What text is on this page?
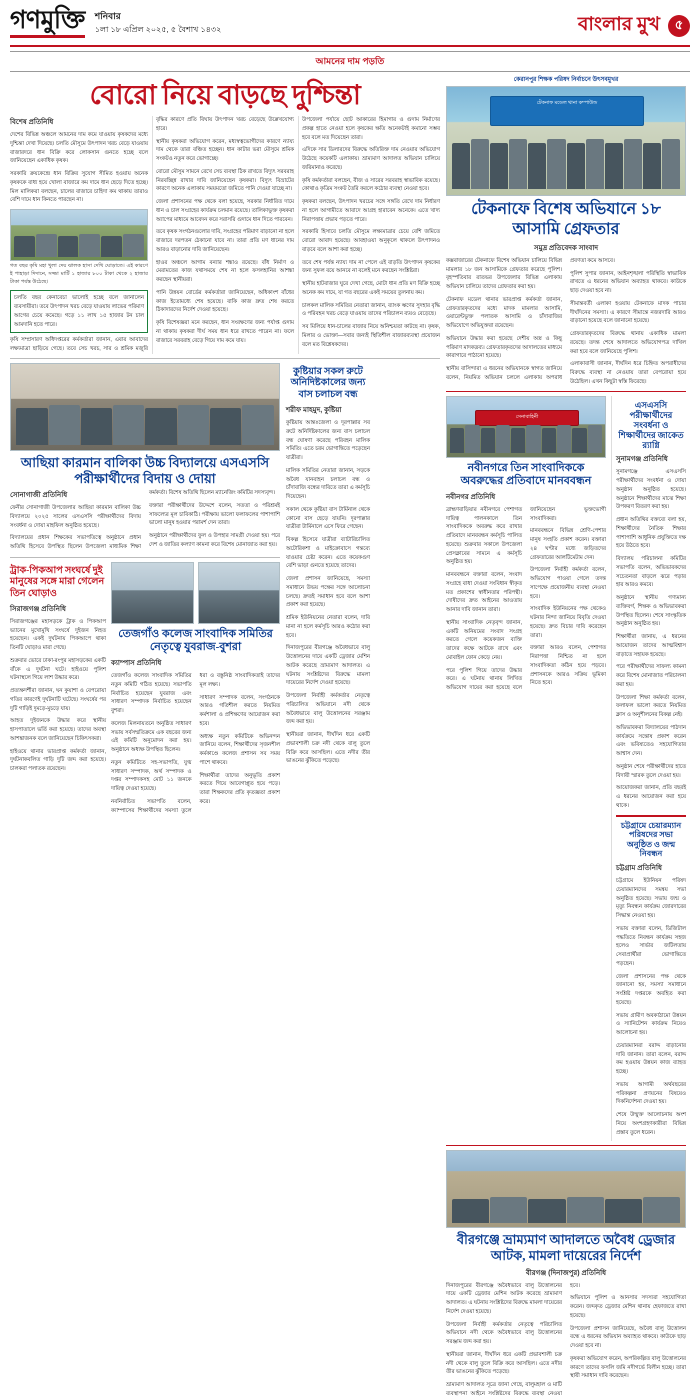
গণমুক্তি শনিবার
১লা ১৮ এপ্রিল ২০২৫, ৫ বৈশাখ ১৪৩২	বাংলার মুখ	৫
আমনের দাম পড়তি
বোরো নিয়ে বাড়ছে দুশ্চিন্তা
বিশেষ প্রতিনিধি

দেশের বিভিন্ন অঞ্চলে আমনের দাম কমে যাওয়ায় কৃষকদের মধ্যে দুশ্চিন্তা দেখা দিয়েছে। চলতি মৌসুমে উৎপাদন খরচ বেড়ে যাওয়ায় বাজারদরে ধান বিক্রি করে লোকসান গুনতে হচ্ছে বলে জানিয়েছেন একাধিক কৃষক।

সরকারি ক্রয়কেন্দ্রে ধান বিক্রির সুযোগ সীমিত হওয়ায় অনেক কৃষককে বাধ্য হয়ে খোলা বাজারে কম দামে ধান ছেড়ে দিতে হচ্ছে। মিল মালিকরা বলছেন, চালের বাজারে চাহিদা কম থাকায় তারাও বেশি দামে ধান কিনতে পারছেন না।

গত বছর কৃষি মহা খুলা দেয় ঝালক হাসা দেখি ঘোড়াতে। এই কারণে ই পাহাড়া দিদানে, সজ্জা মার্টি ১ হাজার ৮০০ টাকা থেকে ২ হাজার টাকা পর্যন্ত উঠেছে।

চলতি বছর কেনাবেচা ভালোই হচ্ছে বলে জানালেন ব্যবসায়ীরা। তবে উৎপাদন খরচ বেড়ে যাওয়ায় লাভের পরিমাণ আগের চেয়ে কমেছে। গড়ে ১১ লাখ ১৫ হাজার টন চাল আমদানি হতে পারে।

কৃষি সম্প্রসারণ অধিদপ্তরের কর্মকর্তারা জানান, এবার আবাদের লক্ষ্যমাত্রা ছাড়িয়ে গেছে। তবে সেচ খরচ, সার ও শ্রমিক মজুরি বৃদ্ধির কারণে প্রতি বিঘায় উৎপাদন খরচ বেড়েছে উল্লেখযোগ্য হারে।

স্থানীয় কৃষকরা অভিযোগ করেন, মধ্যস্বত্বভোগীদের কারণে ন্যায্য দাম থেকে তারা বঞ্চিত হচ্ছেন। ধান কাটার ভরা মৌসুমে শ্রমিক সংকটও নতুন করে ভোগাচ্ছে।

বোরো মৌসুম সামনে রেখে সেচ ব্যবস্থা ঠিক রাখতে বিদ্যুৎ সরবরাহ নিরবচ্ছিন্ন রাখার দাবি জানিয়েছেন কৃষকরা। বিদ্যুৎ বিভ্রাটের কারণে অনেক এলাকায় সময়মতো জমিতে পানি দেওয়া যাচ্ছে না।

জেলা প্রশাসনের পক্ষ থেকে বলা হয়েছে, সরকার নির্ধারিত দামে ধান ও চাল সংগ্রহের কার্যক্রম চলমান রয়েছে। তালিকাভুক্ত কৃষকরা অ্যাপের মাধ্যমে আবেদন করে সরাসরি গুদামে ধান দিতে পারবেন।

তবে কৃষক সংগঠনগুলোর দাবি, সংগ্রহের পরিমাণ বাড়ানো না হলে বাজারে দরপতন ঠেকানো যাবে না। তারা প্রতি মণ ধানের দাম আরও বাড়ানোর দাবি জানিয়েছেন।

হাওর অঞ্চলে আগাম বন্যার শঙ্কাও রয়েছে। বাঁধ নির্মাণ ও মেরামতের কাজ যথাসময়ে শেষ না হলে ফসলহানির আশঙ্কা করছেন স্থানীয়রা।

পানি উন্নয়ন বোর্ডের কর্মকর্তারা জানিয়েছেন, অধিকাংশ বাঁধের কাজ ইতোমধ্যে শেষ হয়েছে। বাকি কাজ দ্রুত শেষ করতে ঠিকাদারদের নির্দেশ দেওয়া হয়েছে।

কৃষি বিশেষজ্ঞরা মনে করছেন, ধান সংরক্ষণের জন্য পর্যাপ্ত গুদাম না থাকায় কৃষকরা দীর্ঘ সময় ধান ধরে রাখতে পারেন না। ফলে বাজারে সরবরাহ বেড়ে গিয়ে দাম কমে যায়।

উপজেলা পর্যায়ে ছোট আকারের হিমাগার ও গুদাম নির্মাণের প্রকল্প হাতে নেওয়া হলে কৃষকের ক্ষতি অনেকটাই কমানো সম্ভব হবে বলে মত দিয়েছেন তারা।

এদিকে সার ডিলারদের বিরুদ্ধে অতিরিক্ত দাম নেওয়ার অভিযোগ উঠেছে কয়েকটি এলাকায়। ভ্রাম্যমাণ আদালত অভিযান চালিয়ে জরিমানাও করেছে।

কৃষি কর্মকর্তারা বলছেন, বীজ ও সারের সরবরাহ স্বাভাবিক রয়েছে। কোথাও কৃত্রিম সংকট তৈরি করলে কঠোর ব্যবস্থা নেওয়া হবে।

কৃষকরা বলছেন, উৎপাদন খরচের সঙ্গে সঙ্গতি রেখে দাম নির্ধারণ না হলে আগামীতে আবাদে আগ্রহ হারাবেন অনেকে। এতে খাদ্য নিরাপত্তায় প্রভাব পড়তে পারে।

সরকারি হিসাবে চলতি মৌসুমে লক্ষ্যমাত্রার চেয়ে বেশি জমিতে বোরো আবাদ হয়েছে। আবহাওয়া অনুকূলে থাকলে উৎপাদনও বাড়বে বলে আশা করা হচ্ছে।

তবে শেষ পর্যন্ত ন্যায্য দাম না পেলে এই বাড়তি উৎপাদন কৃষকের জন্য সুফল বয়ে আনবে না বলেই মনে করছেন সংশ্লিষ্টরা।

স্থানীয় হাটবাজার ঘুরে দেখা গেছে, মোটা ধান প্রতি মণ বিক্রি হচ্ছে অনেক কম দামে, যা গত বছরের একই সময়ের তুলনায় কম।

চালকল মালিক সমিতির নেতারা জানান, ব্যাংক ঋণের সুদহার বৃদ্ধি ও পরিবহন খরচ বেড়ে যাওয়ায় তাদের পরিচালন ব্যয়ও বেড়েছে।

সব মিলিয়ে ধান-চালের বাজার নিয়ে অনিশ্চয়তা কাটছে না। কৃষক, মিলার ও ভোক্তা—সবার জন্যই স্থিতিশীল বাজারব্যবস্থা প্রয়োজন বলে মত বিশ্লেষকদের।

আছিয়া কারমান বালিকা উচ্চ বিদ্যালয়ে এসএসসি পরীক্ষার্থীদের বিদায় ও দোয়া
সোনাগাজী প্রতিনিধি

ফেনীর সোনাগাজী উপজেলার আছিয়া কারমান বালিকা উচ্চ বিদ্যালয়ে ২০২৫ সালের এসএসসি পরীক্ষার্থীদের বিদায় সংবর্ধনা ও দোয়া মাহফিল অনুষ্ঠিত হয়েছে।

বিদ্যালয়ের প্রধান শিক্ষকের সভাপতিত্বে অনুষ্ঠানে প্রধান অতিথি হিসেবে উপস্থিত ছিলেন উপজেলা মাধ্যমিক শিক্ষা কর্মকর্তা। বিশেষ অতিথি ছিলেন ম্যানেজিং কমিটির সদস্যবৃন্দ।

বক্তারা পরীক্ষার্থীদের উদ্দেশে বলেন, সততা ও পরিশ্রমই সাফল্যের মূল চাবিকাঠি। পরীক্ষায় ভালো ফলাফলের পাশাপাশি ভালো মানুষ হওয়ার পরামর্শ দেন তারা।

অনুষ্ঠানে পরীক্ষার্থীদের ফুল ও উপহার সামগ্রী দেওয়া হয়। পরে দেশ ও জাতির কল্যাণ কামনা করে বিশেষ মোনাজাত করা হয়।

ট্রাক-পিকআপ সংঘর্ষে দুই মানুষের সঙ্গে মারা গেলেন তিন ঘোড়াও
সিরাজগঞ্জ প্রতিনিধি

সিরাজগঞ্জের মহাসড়কে ট্রাক ও পিকআপ ভ্যানের মুখোমুখি সংঘর্ষে দুইজন নিহত হয়েছেন। একই দুর্ঘটনায় পিকআপে থাকা তিনটি ঘোড়াও মারা গেছে।

শুক্রবার ভোরে ঢাকা-রংপুর মহাসড়কের একটি বাঁকে এ দুর্ঘটনা ঘটে। হাইওয়ে পুলিশ ঘটনাস্থলে গিয়ে লাশ উদ্ধার করে।

প্রত্যক্ষদর্শীরা জানান, ঘন কুয়াশা ও বেপরোয়া গতির কারণেই দুর্ঘটনাটি ঘটেছে। সংঘর্ষের পর দুটি গাড়িই দুমড়ে-মুচড়ে যায়।

আহত দুইজনকে উদ্ধার করে স্থানীয় হাসপাতালে ভর্তি করা হয়েছে। তাদের অবস্থা আশঙ্কাজনক বলে জানিয়েছেন চিকিৎসকরা।

হাইওয়ে থানার ভারপ্রাপ্ত কর্মকর্তা জানান, দুর্ঘটনাকবলিত গাড়ি দুটি জব্দ করা হয়েছে। চালকরা পলাতক রয়েছেন।

তেজগাঁও কলেজ সাংবাদিক সমিতির নেতৃত্বে যুবরাজ-বুশরা
ক্যাম্পাস প্রতিনিধি

তেজগাঁও কলেজ সাংবাদিক সমিতির নতুন কমিটি গঠিত হয়েছে। সভাপতি নির্বাচিত হয়েছেন যুবরাজ এবং সাধারণ সম্পাদক নির্বাচিত হয়েছেন বুশরা।

কলেজ মিলনায়তনে অনুষ্ঠিত সাধারণ সভায় সর্বসম্মতিক্রমে এক বছরের জন্য এই কমিটি অনুমোদন করা হয়। অনুষ্ঠানে অধ্যক্ষ উপস্থিত ছিলেন।

নতুন কমিটিতে সহ-সভাপতি, যুগ্ম সাধারণ সম্পাদক, অর্থ সম্পাদক ও দপ্তর সম্পাদকসহ মোট ১১ জনকে দায়িত্ব দেওয়া হয়েছে।

নবনির্বাচিত সভাপতি বলেন, ক্যাম্পাসের শিক্ষার্থীদের সমস্যা তুলে ধরা ও বস্তুনিষ্ঠ সাংবাদিকতাই তাদের মূল লক্ষ্য।

সাধারণ সম্পাদক বলেন, সংগঠনকে আরও গতিশীল করতে নিয়মিত কর্মশালা ও প্রশিক্ষণের আয়োজন করা হবে।

অধ্যক্ষ নতুন কমিটিকে অভিনন্দন জানিয়ে বলেন, শিক্ষার্থীদের সৃজনশীল কর্মকাণ্ডে কলেজ প্রশাসন সব সময় পাশে থাকবে।

শিক্ষার্থীরা তাদের অনুভূতি প্রকাশ করতে গিয়ে আবেগাপ্লুত হয়ে পড়ে। তারা শিক্ষকদের প্রতি কৃতজ্ঞতা প্রকাশ করে।

কুষ্টিয়ার সকল রুটে অনিদিষ্টকালের জন্য বাস চলাচল বন্ধ
শরীফ মাহমুদ, কুষ্টিয়া

কুষ্টিয়ায় আন্তঃজেলা ও দূরপাল্লার সব রুটে অনির্দিষ্টকালের জন্য বাস চলাচল বন্ধ ঘোষণা করেছে পরিবহন মালিক সমিতি। এতে চরম ভোগান্তিতে পড়েছেন যাত্রীরা।

মালিক সমিতির নেতারা জানান, সড়কে অবৈধ যানবাহন চলাচল বন্ধ ও চাঁদাবাজি বন্ধের দাবিতে তারা এ কর্মসূচি দিয়েছেন।

সকাল থেকে কুষ্টিয়া বাস টার্মিনাল থেকে কোনো বাস ছেড়ে যায়নি। দূরপাল্লার যাত্রীরা টার্মিনালে এসে ফিরে গেছেন।

বিকল্প হিসেবে যাত্রীরা ব্যাটারিচালিত অটোরিকশা ও মাইক্রোবাসে গন্তব্যে যাওয়ার চেষ্টা করেন। এতে কয়েকগুণ বেশি ভাড়া গুনতে হয়েছে তাদের।

জেলা প্রশাসন জানিয়েছে, সমস্যা সমাধানে উভয় পক্ষের সঙ্গে আলোচনা চলছে। দ্রুতই সমাধান হবে বলে আশা প্রকাশ করা হয়েছে।

শ্রমিক ইউনিয়নের নেতারা বলেন, দাবি মানা না হলে কর্মসূচি আরও কঠোর করা হবে।

দিনাজপুরের বীরগঞ্জে অবৈধভাবে বালু উত্তোলনের দায়ে একটি ড্রেজার মেশিন আটক করেছে ভ্রাম্যমাণ আদালত। এ ঘটনায় সংশ্লিষ্টদের বিরুদ্ধে মামলা দায়েরের নির্দেশ দেওয়া হয়েছে।

উপজেলা নির্বাহী কর্মকর্তার নেতৃত্বে পরিচালিত অভিযানে নদী থেকে অবৈধভাবে বালু উত্তোলনের সরঞ্জাম জব্দ করা হয়।

স্থানীয়রা জানান, দীর্ঘদিন ধরে একটি প্রভাবশালী চক্র নদী থেকে বালু তুলে বিক্রি করে আসছিল। এতে নদীর তীর ভাঙনের ঝুঁকিতে পড়েছে।

কেরানপুর শিক্ষক পরিষদ নির্বাচনে উৎসবমুখর
টেকনাফ মডেল থানা কম্পাউন্ড
টেকনাফে বিশেষ অভিযানে ১৮ আসামি গ্রেফতার
সমুদ্র প্রতিবেদক সাংবাদ

কক্সবাজারের টেকনাফে বিশেষ অভিযান চালিয়ে বিভিন্ন মামলার ১৮ জন আসামিকে গ্রেফতার করেছে পুলিশ। বৃহস্পতিবার রাতভর উপজেলার বিভিন্ন এলাকায় অভিযান চালিয়ে তাদের গ্রেফতার করা হয়।

টেকনাফ মডেল থানার ভারপ্রাপ্ত কর্মকর্তা জানান, গ্রেফতারকৃতদের মধ্যে মাদক মামলার আসামি, ওয়ারেন্টভুক্ত পলাতক আসামি ও চাঁদাবাজির অভিযোগে অভিযুক্তরা রয়েছেন।

অভিযানে উদ্ধার করা হয়েছে দেশীয় অস্ত্র ও কিছু পরিমাণ মাদকদ্রব্য। গ্রেফতারকৃতদের আদালতের মাধ্যমে কারাগারে পাঠানো হয়েছে।

স্থানীয় বাসিন্দারা এ ধরনের অভিযানকে স্বাগত জানিয়ে বলেন, নিয়মিত অভিযান চললে এলাকায় অপরাধ প্রবণতা কমে আসবে।

পুলিশ সুপার জানান, আইনশৃঙ্খলা পরিস্থিতি স্বাভাবিক রাখতে এ ধরনের অভিযান অব্যাহত থাকবে। কাউকে ছাড় দেওয়া হবে না।

সীমান্তবর্তী এলাকা হওয়ায় টেকনাফে মাদক পাচার দীর্ঘদিনের সমস্যা। এ কারণে সীমান্তে নজরদারি আরও বাড়ানো হয়েছে বলে জানানো হয়েছে।

গ্রেফতারকৃতদের বিরুদ্ধে থানায় একাধিক মামলা রয়েছে। তদন্ত শেষে আদালতে অভিযোগপত্র দাখিল করা হবে বলে জানিয়েছে পুলিশ।

এলাকাবাসী জানান, দীর্ঘদিন ধরে চিহ্নিত অপরাধীদের বিরুদ্ধে ব্যবস্থা না নেওয়ায় তারা বেপরোয়া হয়ে উঠেছিল। এখন কিছুটা স্বস্তি ফিরেছে।

সেনাবাহিনী
নবীনগরে তিন সাংবাদিককে অবরুদ্ধের প্রতিবাদে মানববন্ধন
নবীনগর প্রতিনিধি

ব্রাহ্মণবাড়িয়ার নবীনগরে পেশাগত দায়িত্ব পালনকালে তিন সাংবাদিককে অবরুদ্ধ করে রাখার প্রতিবাদে মানববন্ধন কর্মসূচি পালিত হয়েছে। শুক্রবার সকালে উপজেলা প্রেসক্লাবের সামনে এ কর্মসূচি অনুষ্ঠিত হয়।

মানববন্ধনে বক্তারা বলেন, সংবাদ সংগ্রহে বাধা দেওয়া সংবিধান স্বীকৃত মত প্রকাশের স্বাধীনতার পরিপন্থী। দোষীদের দ্রুত আইনের আওতায় আনার দাবি জানান তারা।

স্থানীয় সাংবাদিক নেতৃবৃন্দ জানান, একটি অনিয়মের সংবাদ সংগ্রহ করতে গেলে কয়েকজন ব্যক্তি তাদের কক্ষে আটকে রাখে এবং মোবাইল ফোন কেড়ে নেয়।

পরে পুলিশ গিয়ে তাদের উদ্ধার করে। এ ঘটনায় থানায় লিখিত অভিযোগ দায়ের করা হয়েছে বলে জানিয়েছেন ভুক্তভোগী সাংবাদিকরা।

মানববন্ধনে বিভিন্ন শ্রেণি-পেশার মানুষ সংহতি প্রকাশ করেন। বক্তারা ২৪ ঘণ্টার মধ্যে জড়িতদের গ্রেফতারের আলটিমেটাম দেন।

উপজেলা নির্বাহী কর্মকর্তা বলেন, অভিযোগ পাওয়া গেলে তদন্ত সাপেক্ষে প্রয়োজনীয় ব্যবস্থা নেওয়া হবে।

সাংবাদিক ইউনিয়নের পক্ষ থেকেও ঘটনার নিন্দা জানিয়ে বিবৃতি দেওয়া হয়েছে। দ্রুত বিচার দাবি করেছেন তারা।

বক্তারা আরও বলেন, পেশাগত নিরাপত্তা নিশ্চিত না হলে সাংবাদিকতা কঠিন হয়ে পড়বে। প্রশাসনকে আরও সক্রিয় ভূমিকা নিতে হবে।

এসএসসি পরীক্ষার্থীদের সংবর্ধনা ও শিক্ষার্থীদের জাকেত র‍্যাগ্নি
সুনামগঞ্জ প্রতিনিধি

সুনামগঞ্জে এসএসসি পরীক্ষার্থীদের সংবর্ধনা ও দোয়া অনুষ্ঠান অনুষ্ঠিত হয়েছে। অনুষ্ঠানে শিক্ষার্থীদের মাঝে শিক্ষা উপকরণ বিতরণ করা হয়।

প্রধান অতিথির বক্তব্যে বলা হয়, শিক্ষার্থীদের নৈতিক শিক্ষার পাশাপাশি আধুনিক প্রযুক্তিতে দক্ষ হয়ে উঠতে হবে।

বিদ্যালয় পরিচালনা কমিটির সভাপতি বলেন, অভিভাবকদের সচেতনতা বাড়লে ঝরে পড়ার হার আরও কমবে।

অনুষ্ঠানে স্থানীয় গণ্যমান্য ব্যক্তিবর্গ, শিক্ষক ও অভিভাবকরা উপস্থিত ছিলেন। শেষে সাংস্কৃতিক অনুষ্ঠান অনুষ্ঠিত হয়।

শিক্ষার্থীরা জানায়, এ ধরনের আয়োজন তাদের আত্মবিশ্বাস বাড়াতে সহায়ক হয়েছে।

পরে পরীক্ষার্থীদের সাফল্য কামনা করে বিশেষ মোনাজাত পরিচালনা করা হয়।

উপজেলা শিক্ষা কর্মকর্তা বলেন, ফলাফল ভালো করতে নিয়মিত ক্লাস ও অনুশীলনের বিকল্প নেই।

অভিভাবকরা বিদ্যালয়ের পাঠদান কার্যক্রমে সন্তোষ প্রকাশ করেন এবং ভবিষ্যতেও সহযোগিতার আশ্বাস দেন।

অনুষ্ঠান শেষে পরীক্ষার্থীদের হাতে বিদায়ী স্মারক তুলে দেওয়া হয়।

আয়োজকরা জানান, প্রতি বছরই এ ধরনের আয়োজন করা হয়ে থাকে।

চট্টগ্রামে চেয়ারম্যান পরিষদের সভা অনুষ্ঠিত ও জন্ম নিবন্ধন
চট্টগ্রাম প্রতিনিধি

চট্টগ্রামে ইউনিয়ন পরিষদ চেয়ারম্যানদের সমন্বয় সভা অনুষ্ঠিত হয়েছে। সভায় জন্ম ও মৃত্যু নিবন্ধন কার্যক্রম জোরদারের সিদ্ধান্ত নেওয়া হয়।

সভায় বক্তারা বলেন, ডিজিটাল পদ্ধতিতে নিবন্ধন কার্যক্রম সহজ হলেও সার্ভার জটিলতায় সেবাপ্রার্থীরা ভোগান্তিতে পড়ছেন।

জেলা প্রশাসনের পক্ষ থেকে জানানো হয়, সমস্যা সমাধানে সংশ্লিষ্ট দপ্তরকে অবহিত করা হয়েছে।

সভায় গ্রামীণ অবকাঠামো উন্নয়ন ও স্যানিটেশন কার্যক্রম নিয়েও আলোচনা হয়।

চেয়ারম্যানরা বরাদ্দ বাড়ানোর দাবি জানান। তারা বলেন, বরাদ্দ কম হওয়ায় উন্নয়ন কাজ ব্যাহত হচ্ছে।

সভায় আগামী অর্থবছরের পরিকল্পনা প্রণয়নের বিষয়েও দিকনির্দেশনা দেওয়া হয়।

শেষে উন্মুক্ত আলোচনায় অংশ নিয়ে অংশগ্রহণকারীরা বিভিন্ন প্রস্তাব তুলে ধরেন।

বীরগঞ্জে ভ্রাম্যমাণ আদালতে অবৈধ ড্রেজার আটক, মামলা দায়েরের নির্দেশ
বীরগঞ্জ (দিনাজপুর) প্রতিনিধি

দিনাজপুরের বীরগঞ্জে অবৈধভাবে বালু উত্তোলনের দায়ে একটি ড্রেজার মেশিন আটক করেছে ভ্রাম্যমাণ আদালত। এ ঘটনায় সংশ্লিষ্টদের বিরুদ্ধে মামলা দায়েরের নির্দেশ দেওয়া হয়েছে।

উপজেলা নির্বাহী কর্মকর্তার নেতৃত্বে পরিচালিত অভিযানে নদী থেকে অবৈধভাবে বালু উত্তোলনের সরঞ্জাম জব্দ করা হয়।

স্থানীয়রা জানান, দীর্ঘদিন ধরে একটি প্রভাবশালী চক্র নদী থেকে বালু তুলে বিক্রি করে আসছিল। এতে নদীর তীর ভাঙনের ঝুঁকিতে পড়েছে।

ভ্রাম্যমাণ আদালত সূত্রে জানা গেছে, বালুমহাল ও মাটি ব্যবস্থাপনা আইনে সংশ্লিষ্টদের বিরুদ্ধে ব্যবস্থা নেওয়া হবে।

অভিযানে পুলিশ ও আনসার সদস্যরা সহযোগিতা করেন। জব্দকৃত ড্রেজার মেশিন থানায় হেফাজতে রাখা হয়েছে।

উপজেলা প্রশাসন জানিয়েছে, অবৈধ বালু উত্তোলন বন্ধে এ ধরনের অভিযান অব্যাহত থাকবে। কাউকে ছাড় দেওয়া হবে না।

কৃষকরা অভিযোগ করেন, অপরিকল্পিত বালু উত্তোলনের কারণে তাদের ফসলি জমি নদীগর্ভে বিলীন হচ্ছে। তারা স্থায়ী সমাধান দাবি করেছেন।
